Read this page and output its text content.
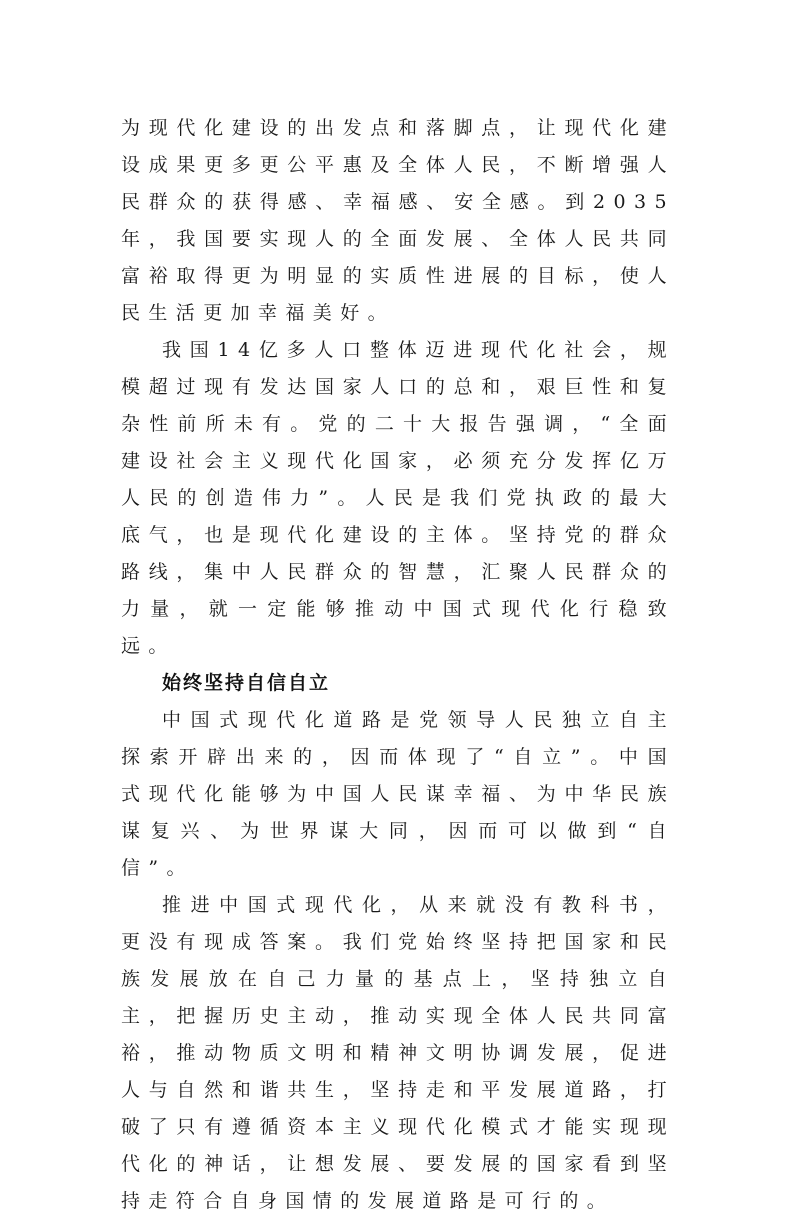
为现代化建设的出发点和落脚点，让现代化建设成果更多更公平惠及全体人民，不断增强人民群众的获得感、幸福感、安全感。到2035年，我国要实现人的全面发展、全体人民共同富裕取得更为明显的实质性进展的目标，使人民生活更加幸福美好。

我国14亿多人口整体迈进现代化社会，规模超过现有发达国家人口的总和，艰巨性和复杂性前所未有。党的二十大报告强调，“全面建设社会主义现代化国家，必须充分发挥亿万人民的创造伟力”。人民是我们党执政的最大底气，也是现代化建设的主体。坚持党的群众路线，集中人民群众的智慧，汇聚人民群众的力量，就一定能够推动中国式现代化行稳致远。

始终坚持自信自立

中国式现代化道路是党领导人民独立自主探索开辟出来的，因而体现了“自立”。中国式现代化能够为中国人民谋幸福、为中华民族谋复兴、为世界谋大同，因而可以做到“自信”。

推进中国式现代化，从来就没有教科书，更没有现成答案。我们党始终坚持把国家和民族发展放在自己力量的基点上，坚持独立自主，把握历史主动，推动实现全体人民共同富裕，推动物质文明和精神文明协调发展，促进人与自然和谐共生，坚持走和平发展道路，打破了只有遵循资本主义现代化模式才能实现现代化的神话，让想发展、要发展的国家看到坚持走符合自身国情的发展道路是可行的。
